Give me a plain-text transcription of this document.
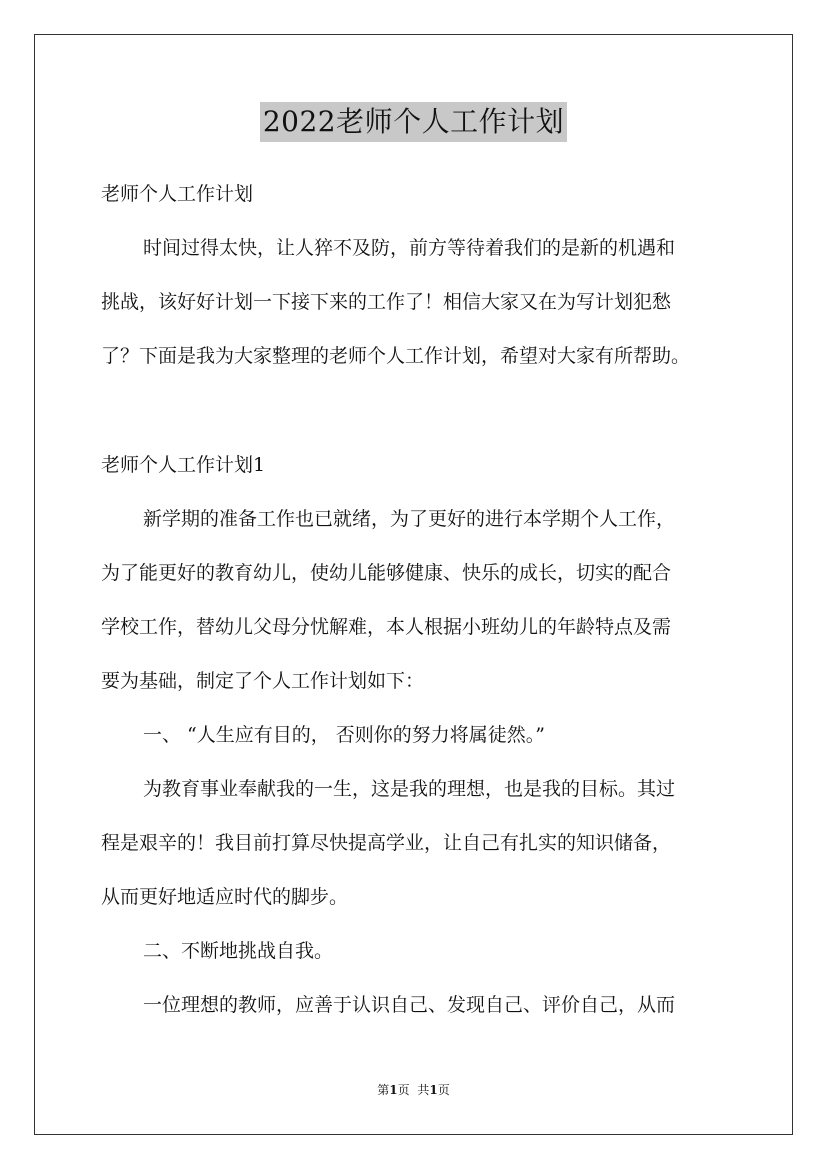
2022老师个人工作计划
老师个人工作计划
时间过得太快，让人猝不及防，前方等待着我们的是新的机遇和
挑战，该好好计划一下接下来的工作了！相信大家又在为写计划犯愁
了？下面是我为大家整理的老师个人工作计划，希望对大家有所帮助。
老师个人工作计划1
新学期的准备工作也已就绪，为了更好的进行本学期个人工作，
为了能更好的教育幼儿，使幼儿能够健康、快乐的成长，切实的配合
学校工作，替幼儿父母分忧解难，本人根据小班幼儿的年龄特点及需
要为基础，制定了个人工作计划如下：
一、 “人生应有目的， 否则你的努力将属徒然。”
为教育事业奉献我的一生，这是我的理想，也是我的目标。其过
程是艰辛的！我目前打算尽快提高学业，让自己有扎实的知识储备，
从而更好地适应时代的脚步。
二、不断地挑战自我。
一位理想的教师，应善于认识自己、发现自己、评价自己，从而
第1页 共1页
